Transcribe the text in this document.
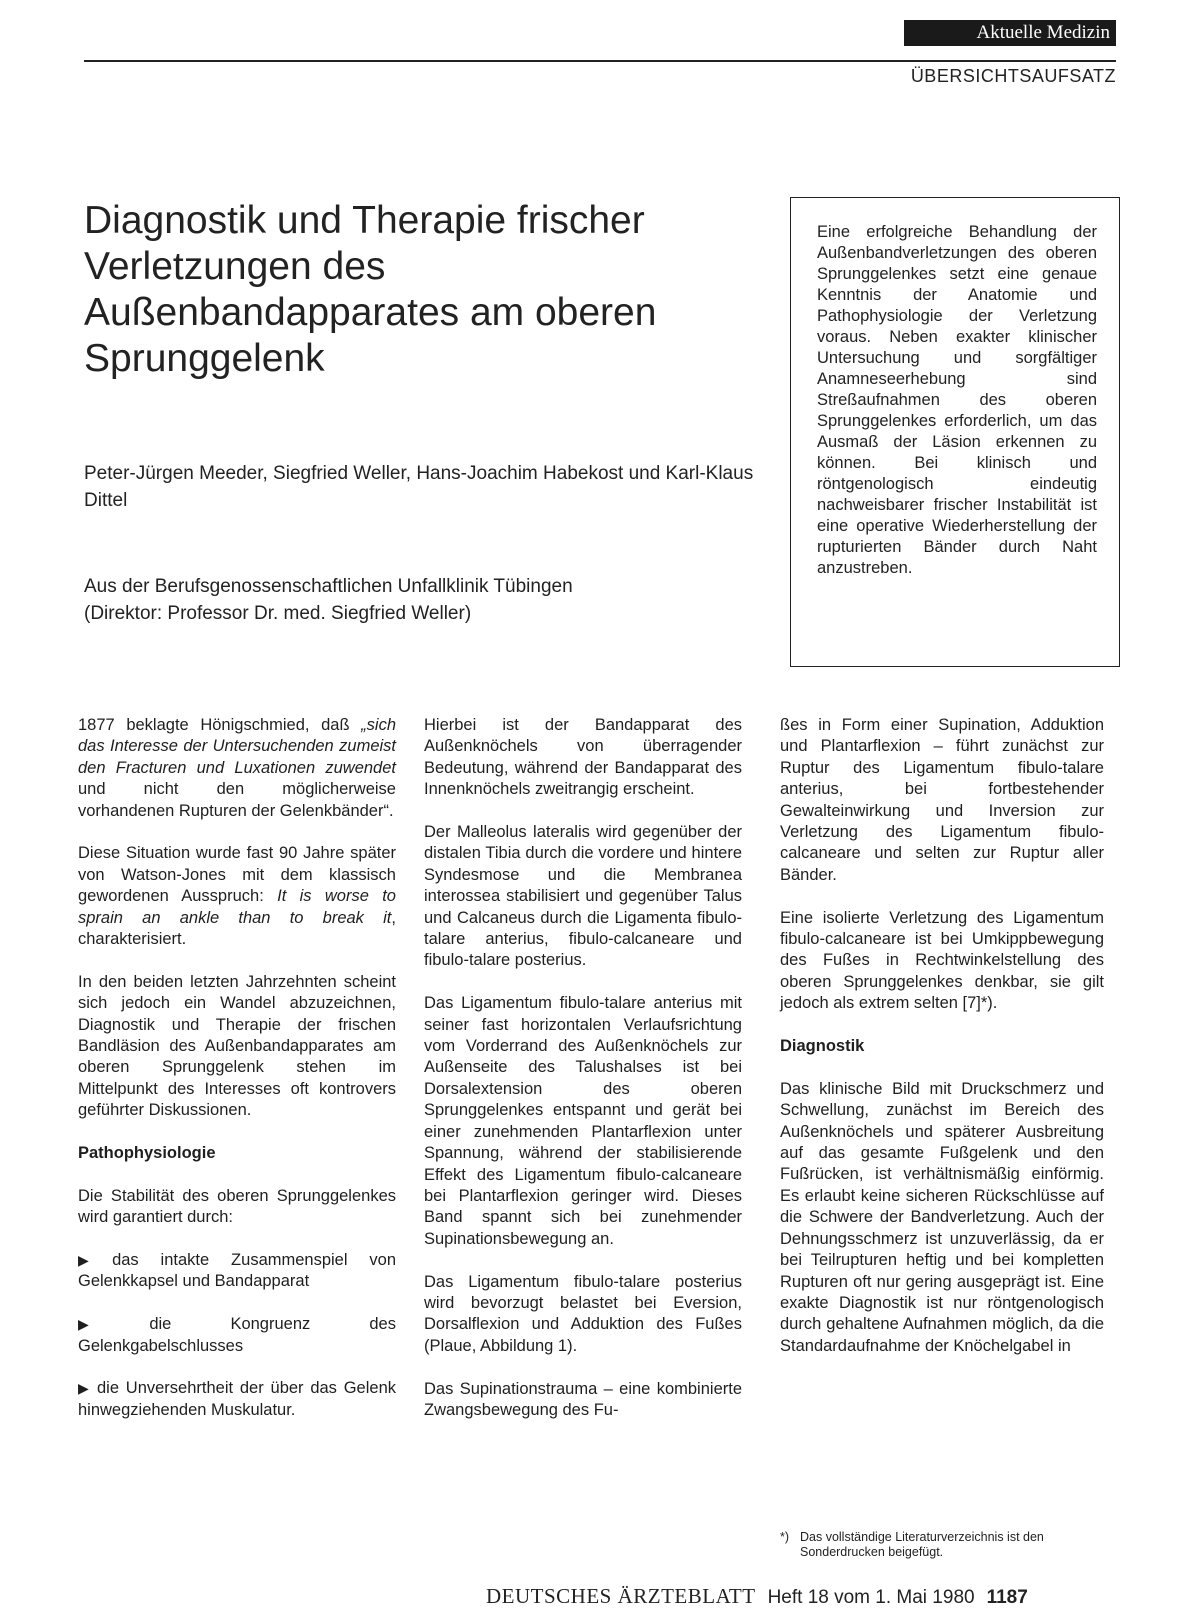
Aktuelle Medizin
ÜBERSICHTSAUFSATZ
Diagnostik und Therapie frischer Verletzungen des Außenbandapparates am oberen Sprunggelenk
Peter-Jürgen Meeder, Siegfried Weller, Hans-Joachim Habekost und Karl-Klaus Dittel
Aus der Berufsgenossenschaftlichen Unfallklinik Tübingen
(Direktor: Professor Dr. med. Siegfried Weller)

Eine erfolgreiche Behandlung der Außenbandverletzungen des oberen Sprunggelenkes setzt eine genaue Kenntnis der Anatomie und Pathophysiologie der Verletzung voraus. Neben exakter klinischer Untersuchung und sorgfältiger Anamneseerhebung sind Streßaufnahmen des oberen Sprunggelenkes erforderlich, um das Ausmaß der Läsion erkennen zu können. Bei klinisch und röntgenologisch eindeutig nachweisbarer frischer Instabilität ist eine operative Wiederherstellung der rupturierten Bänder durch Naht anzustreben.

1877 beklagte Hönigschmied, daß „sich das Interesse der Untersuchenden zumeist den Fracturen und Luxationen zuwendet und nicht den möglicherweise vorhandenen Rupturen der Gelenkbänder“.

Diese Situation wurde fast 90 Jahre später von Watson-Jones mit dem klassisch gewordenen Ausspruch: It is worse to sprain an ankle than to break it, charakterisiert.

In den beiden letzten Jahrzehnten scheint sich jedoch ein Wandel abzuzeichnen, Diagnostik und Therapie der frischen Bandläsion des Außenbandapparates am oberen Sprunggelenk stehen im Mittelpunkt des Interesses oft kontrovers geführter Diskussionen.

Pathophysiologie

Die Stabilität des oberen Sprunggelenkes wird garantiert durch:

▶ das intakte Zusammenspiel von Gelenkkapsel und Bandapparat
▶ die Kongruenz des Gelenkgabelschlusses
▶ die Unversehrtheit der über das Gelenk hinwegziehenden Muskulatur.

Hierbei ist der Bandapparat des Außenknöchels von überragender Bedeutung, während der Bandapparat des Innenknöchels zweitrangig erscheint.

Der Malleolus lateralis wird gegenüber der distalen Tibia durch die vordere und hintere Syndesmose und die Membranea interossea stabilisiert und gegenüber Talus und Calcaneus durch die Ligamenta fibulo-talare anterius, fibulo-calcaneare und fibulo-talare posterius.

Das Ligamentum fibulo-talare anterius mit seiner fast horizontalen Verlaufsrichtung vom Vorderrand des Außenknöchels zur Außenseite des Talushalses ist bei Dorsalextension des oberen Sprunggelenkes entspannt und gerät bei einer zunehmenden Plantarflexion unter Spannung, während der stabilisierende Effekt des Ligamentum fibulo-calcaneare bei Plantarflexion geringer wird. Dieses Band spannt sich bei zunehmender Supinationsbewegung an.

Das Ligamentum fibulo-talare posterius wird bevorzugt belastet bei Eversion, Dorsalflexion und Adduktion des Fußes (Plaue, Abbildung 1).

Das Supinationstrauma – eine kombinierte Zwangsbewegung des Fu-

ßes in Form einer Supination, Adduktion und Plantarflexion – führt zunächst zur Ruptur des Ligamentum fibulo-talare anterius, bei fortbestehender Gewalteinwirkung und Inversion zur Verletzung des Ligamentum fibulo-calcaneare und selten zur Ruptur aller Bänder.

Eine isolierte Verletzung des Ligamentum fibulo-calcaneare ist bei Umkippbewegung des Fußes in Rechtwinkelstellung des oberen Sprunggelenkes denkbar, sie gilt jedoch als extrem selten [7]*).

Diagnostik

Das klinische Bild mit Druckschmerz und Schwellung, zunächst im Bereich des Außenknöchels und späterer Ausbreitung auf das gesamte Fußgelenk und den Fußrücken, ist verhältnismäßig einförmig. Es erlaubt keine sicheren Rückschlüsse auf die Schwere der Bandverletzung. Auch der Dehnungsschmerz ist unzuverlässig, da er bei Teilrupturen heftig und bei kompletten Rupturen oft nur gering ausgeprägt ist. Eine exakte Diagnostik ist nur röntgenologisch durch gehaltene Aufnahmen möglich, da die Standardaufnahme der Knöchelgabel in

*) Das vollständige Literaturverzeichnis ist den Sonderdrucken beigefügt.
DEUTSCHES ÄRZTEBLATT Heft 18 vom 1. Mai 1980 1187
